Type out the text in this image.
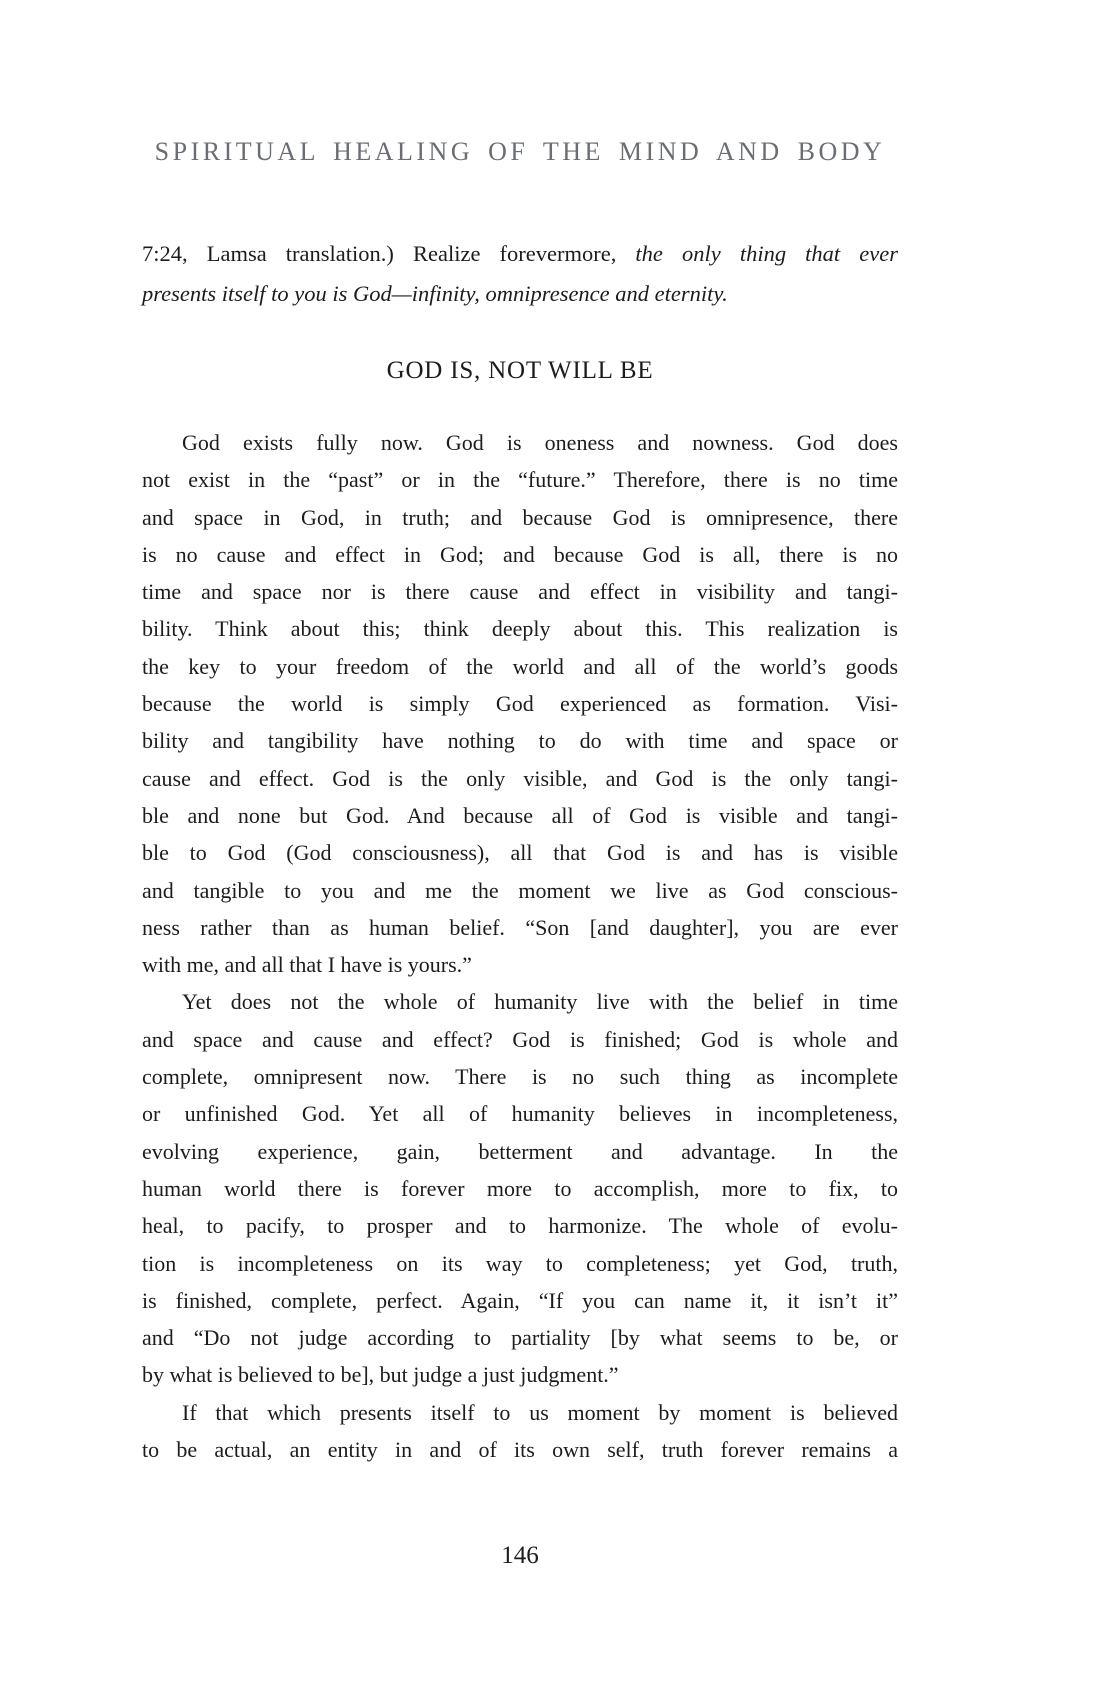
SPIRITUAL HEALING OF THE MIND AND BODY
7:24, Lamsa translation.) Realize forevermore, the only thing that ever
presents itself to you is God—infinity, omnipresence and eternity.
GOD IS, NOT WILL BE
God exists fully now. God is oneness and nowness. God does
not exist in the “past” or in the “future.” Therefore, there is no time
and space in God, in truth; and because God is omnipresence, there
is no cause and effect in God; and because God is all, there is no
time and space nor is there cause and effect in visibility and tangi-
bility. Think about this; think deeply about this. This realization is
the key to your freedom of the world and all of the world’s goods
because the world is simply God experienced as formation. Visi-
bility and tangibility have nothing to do with time and space or
cause and effect. God is the only visible, and God is the only tangi-
ble and none but God. And because all of God is visible and tangi-
ble to God (God consciousness), all that God is and has is visible
and tangible to you and me the moment we live as God conscious-
ness rather than as human belief. “Son [and daughter], you are ever
with me, and all that I have is yours.”
Yet does not the whole of humanity live with the belief in time
and space and cause and effect? God is finished; God is whole and
complete, omnipresent now. There is no such thing as incomplete
or unfinished God. Yet all of humanity believes in incompleteness,
evolving experience, gain, betterment and advantage. In the
human world there is forever more to accomplish, more to fix, to
heal, to pacify, to prosper and to harmonize. The whole of evolu-
tion is incompleteness on its way to completeness; yet God, truth,
is finished, complete, perfect. Again, “If you can name it, it isn’t it”
and “Do not judge according to partiality [by what seems to be, or
by what is believed to be], but judge a just judgment.”
If that which presents itself to us moment by moment is believed
to be actual, an entity in and of its own self, truth forever remains a
146
